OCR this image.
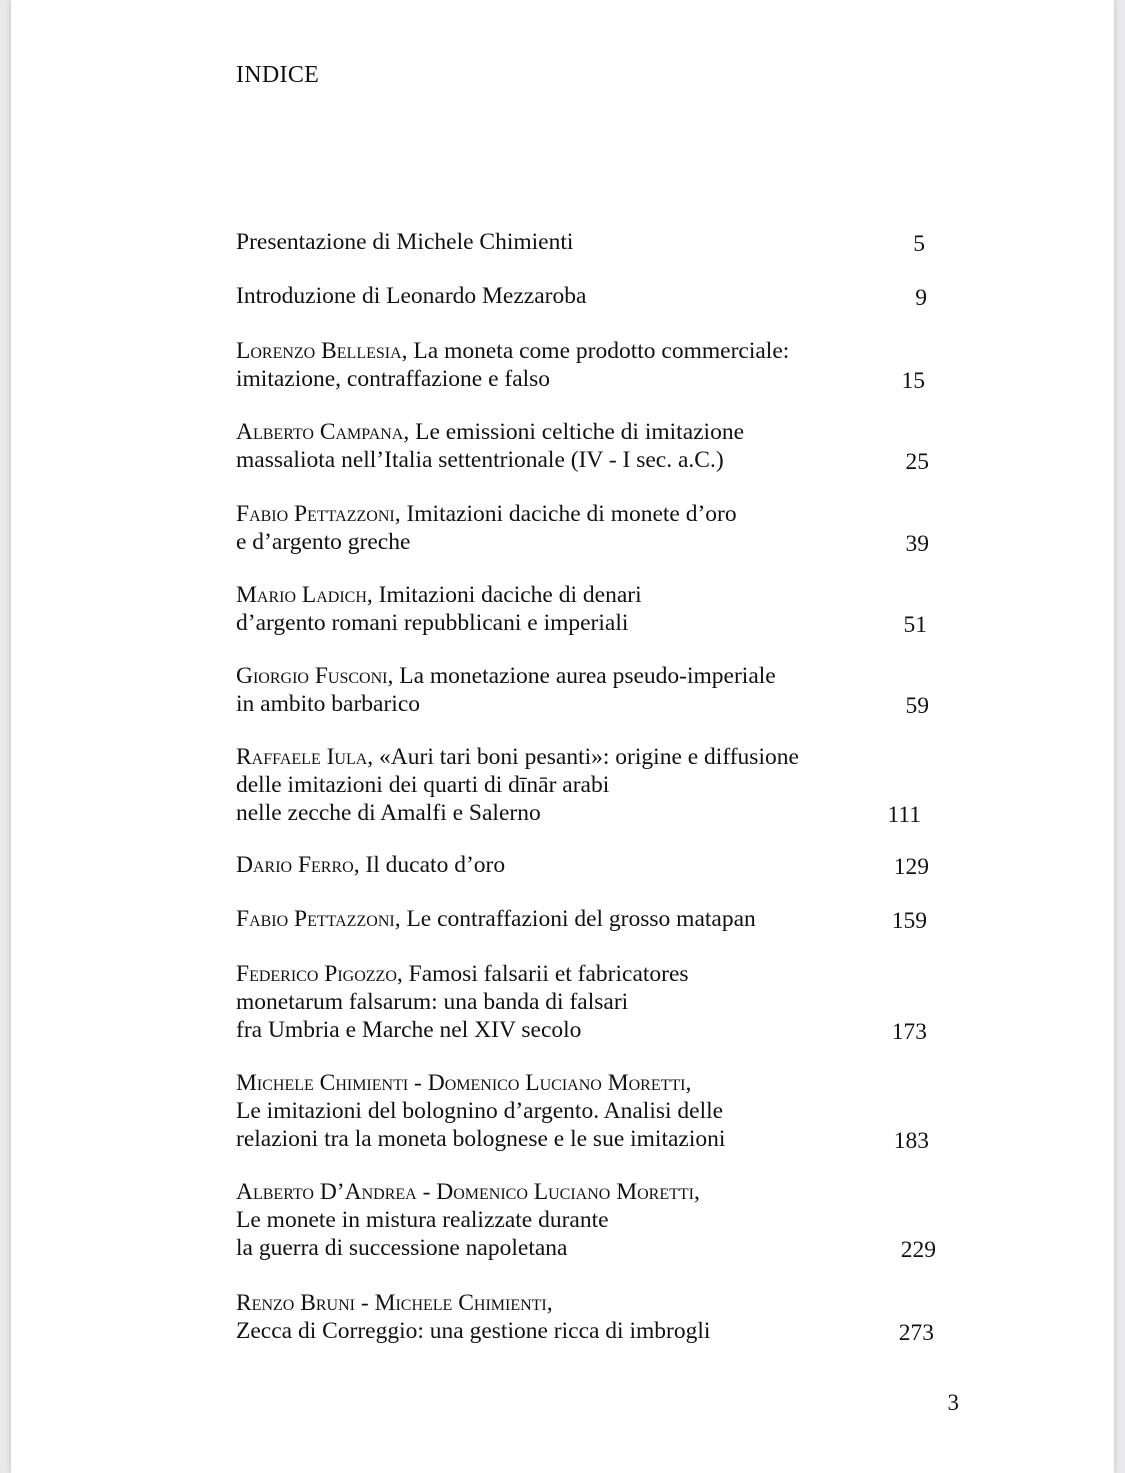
INDICE
Presentazione di Michele Chimienti	5
Introduzione di Leonardo Mezzaroba	9
Lorenzo Bellesia, La moneta come prodotto commerciale:
imitazione, contraffazione e falso	15
Alberto Campana, Le emissioni celtiche di imitazione
massaliota nell’Italia settentrionale (IV - I sec. a.C.)	25
Fabio Pettazzoni, Imitazioni daciche di monete d’oro
e d’argento greche	39
Mario Ladich, Imitazioni daciche di denari
d’argento romani repubblicani e imperiali	51
Giorgio Fusconi, La monetazione aurea pseudo-imperiale
in ambito barbarico	59
Raffaele Iula, «Auri tari boni pesanti»: origine e diffusione
delle imitazioni dei quarti di dīnār arabi
nelle zecche di Amalfi e Salerno	111
Dario Ferro, Il ducato d’oro	129
Fabio Pettazzoni, Le contraffazioni del grosso matapan	159
Federico Pigozzo, Famosi falsarii et fabricatores
monetarum falsarum: una banda di falsari
fra Umbria e Marche nel XIV secolo	173
Michele Chimienti - Domenico Luciano Moretti,
Le imitazioni del bolognino d’argento. Analisi delle
relazioni tra la moneta bolognese e le sue imitazioni	183
Alberto D’Andrea - Domenico Luciano Moretti,
Le monete in mistura realizzate durante
la guerra di successione napoletana	229
Renzo Bruni - Michele Chimienti,
Zecca di Correggio: una gestione ricca di imbrogli	273
3
